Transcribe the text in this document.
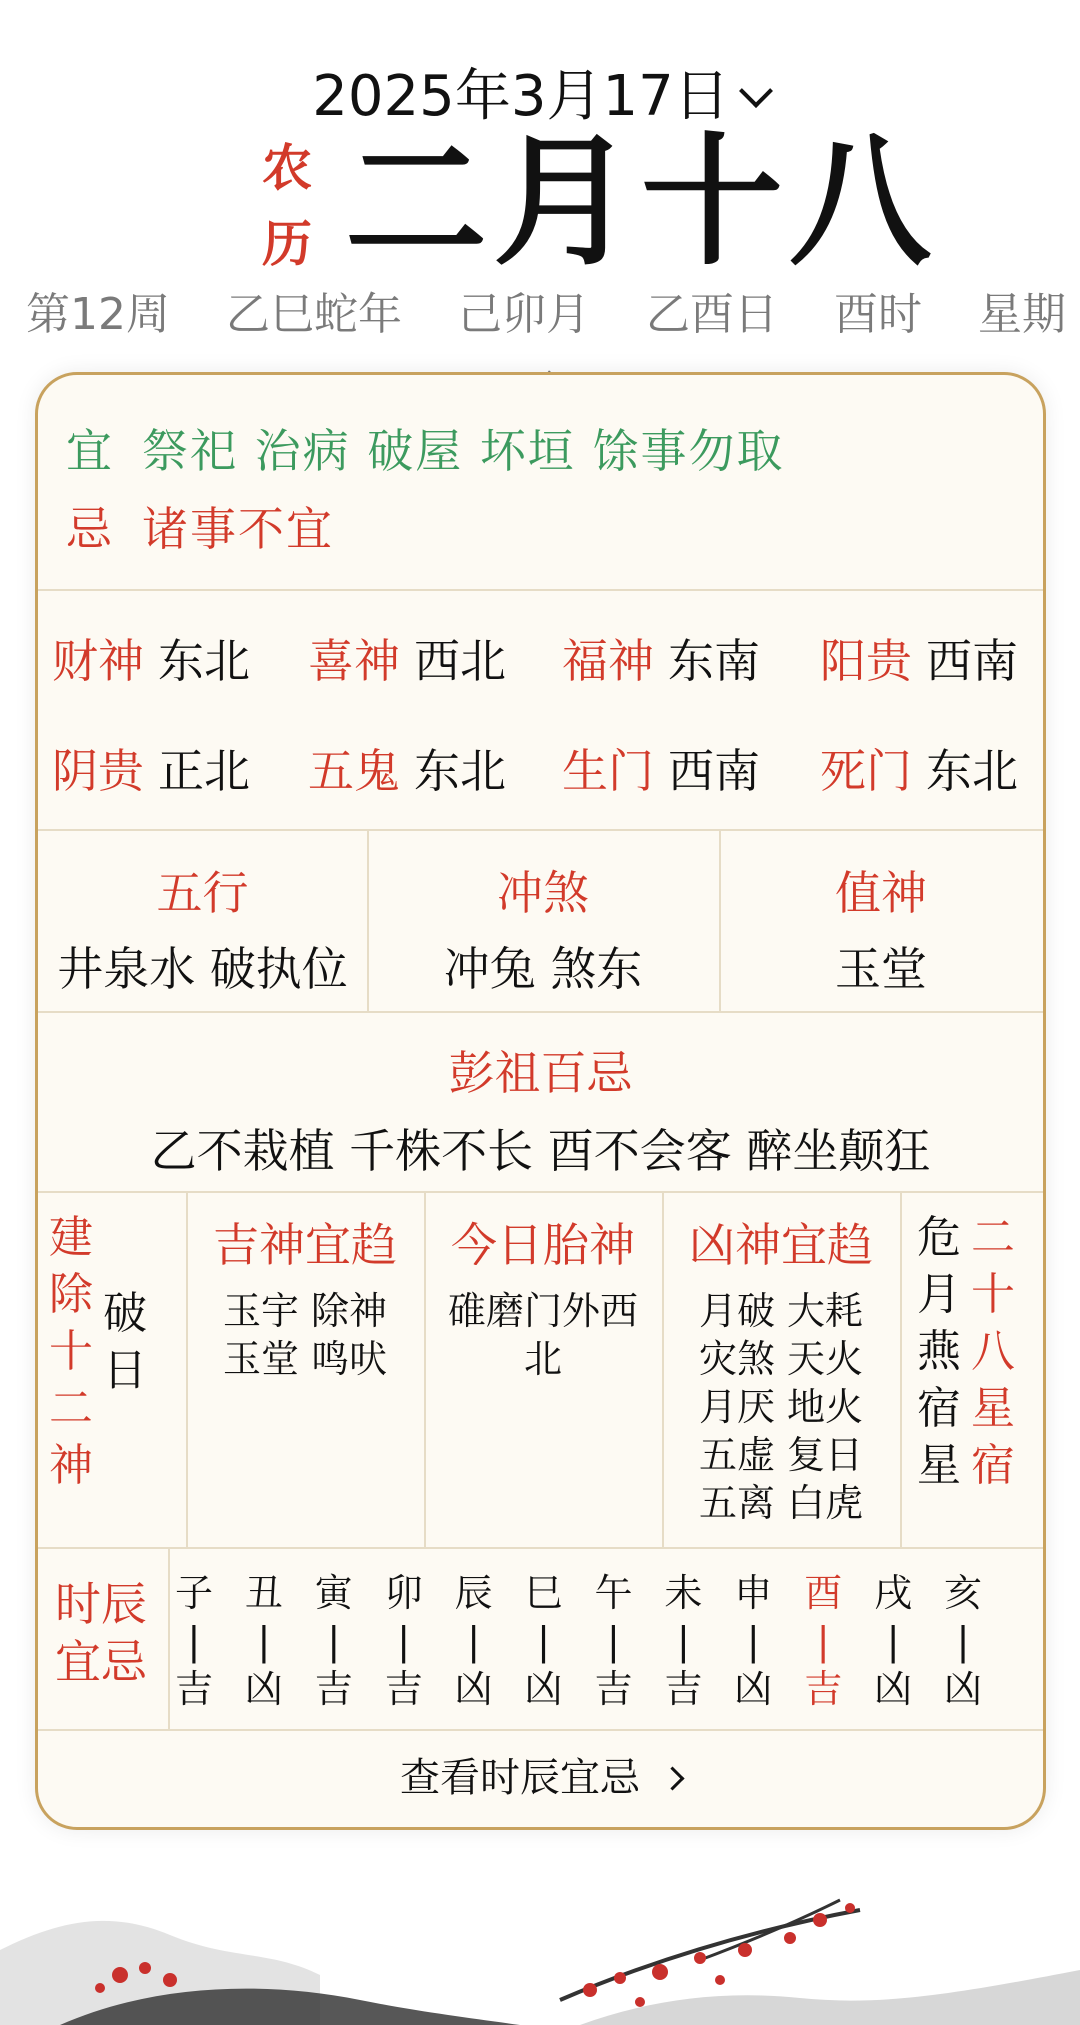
2025年3月17日
农
历 二月十八
第12周 乙巳蛇年 己卯月 乙酉日 酉时 星期
宜 祭祀 治病 破屋 坏垣 馀事勿取
忌 诸事不宜
财神 东北 喜神 西北 福神 东南 阳贵 西南
阴贵 正北 五鬼 东北 生门 西南 死门 东北
五行
井泉水 破执位
冲煞
冲兔 煞东
值神
玉堂
彭祖百忌
乙不栽植 千株不长 酉不会客 醉坐颠狂
建
除
十
二
神
破
日
吉神宜趋
玉宇 除神
玉堂 鸣吠
今日胎神
碓磨门外西
北
凶神宜趋
月破 大耗
灾煞 天火
月厌 地火
五虚 复日
五离 白虎
危
月
燕
宿
星
二
十
八
星
宿
时辰
宜忌
子
|
吉
丑
|
凶
寅
|
吉
卯
|
吉
辰
|
凶
巳
|
凶
午
|
吉
未
|
吉
申
|
凶
酉
|
吉
戌
|
凶
亥
|
凶
查看时辰宜忌
